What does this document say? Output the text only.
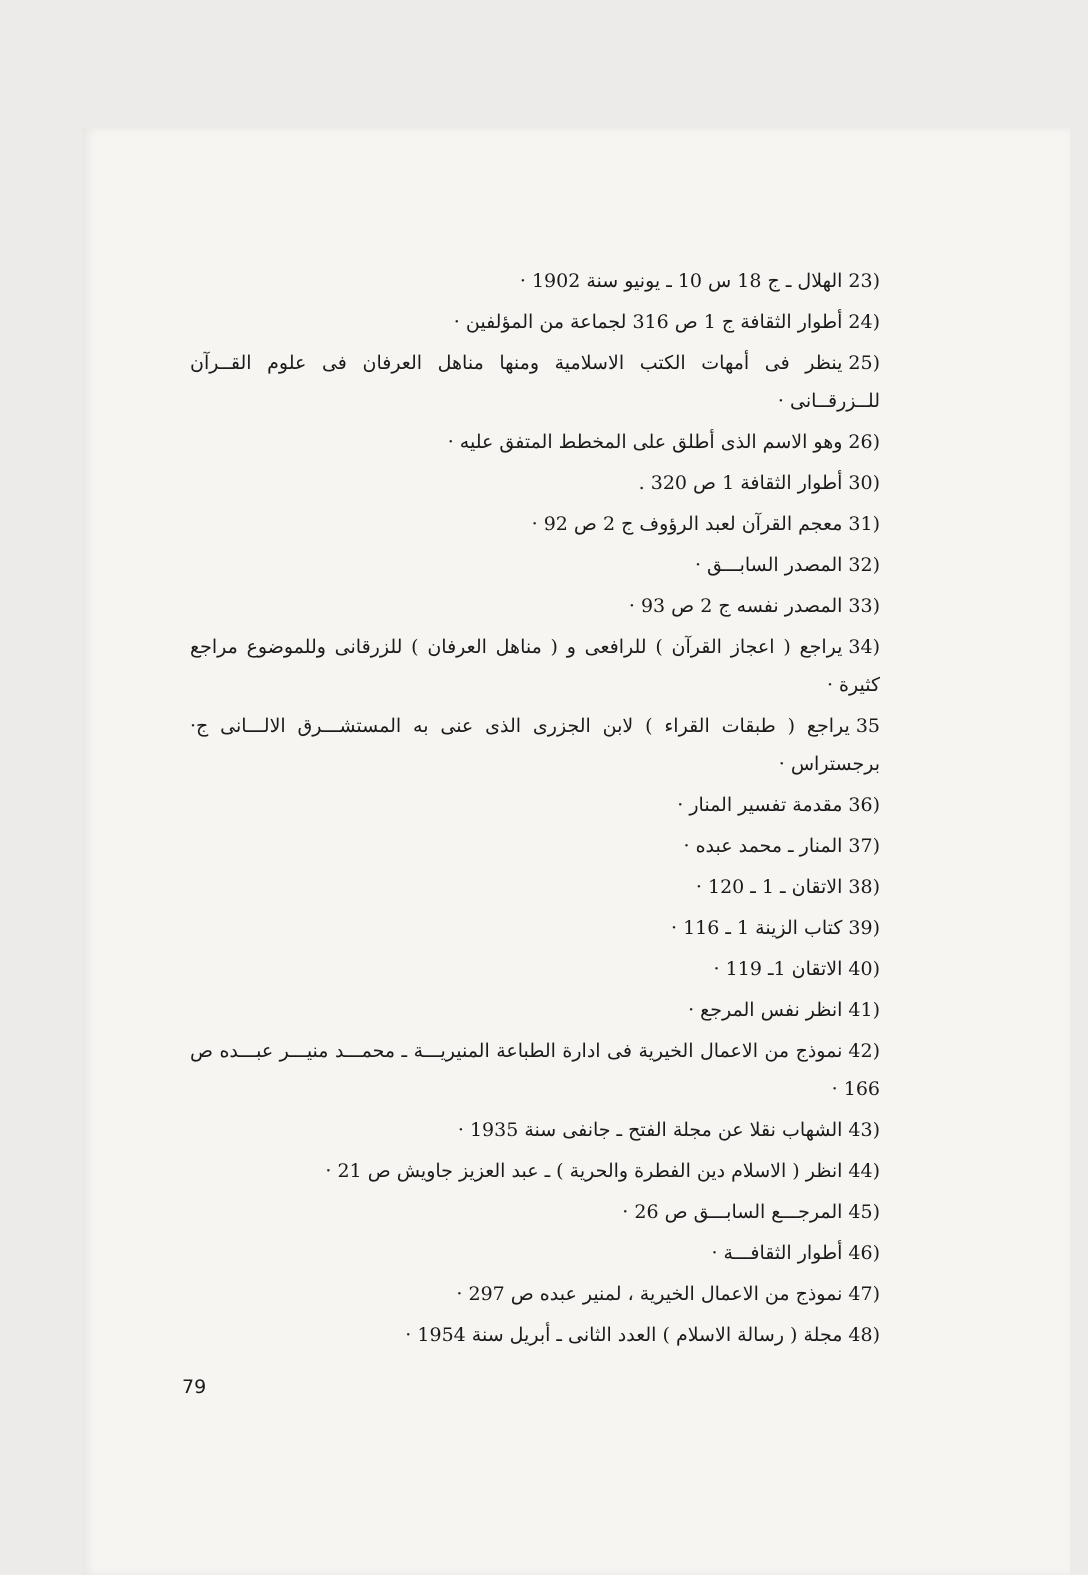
23)الهلال ـ ج 18 س 10 ـ يونيو سنة 1902 ·
24)أطوار الثقافة ج 1 ص 316 لجماعة من المؤلفين ·
25)ينظر فى أمهات الكتب الاسلامية ومنها مناهل العرفان فى علوم القــرآن للــزرقــانى ·
26)وهو الاسم الذى أطلق على المخطط المتفق عليه ·
30)أطوار الثقافة 1 ص 320 .
31)معجم القرآن لعبد الرؤوف ج 2 ص 92 ·
32)المصدر السابـــق ·
33)المصدر نفسه ج 2 ص 93 ·
34)يراجع ( اعجاز القرآن ) للرافعى و ( مناهل العرفان ) للزرقانى وللموضوع مراجع كثيرة ·
35يراجع ( طبقات القراء ) لابن الجزرى الذى عنى به المستشـــرق الالـــانى ج· برجستراس ·
36)مقدمة تفسير المنار ·
37)المنار ـ محمد عبده ·
38)الاتقان ـ 1 ـ 120 ·
39)كتاب الزينة 1 ـ 116 ·
40)الاتقان 1ـ 119 ·
41)انظر نفس المرجع ·
42)نموذج من الاعمال الخيرية فى ادارة الطباعة المنيريـــة ـ محمـــد منيـــر عبـــده ص 166 ·
43)الشهاب نقلا عن مجلة الفتح ـ جانفى سنة 1935 ·
44)انظر ( الاسلام دين الفطرة والحرية ) ـ عبد العزيز جاويش ص 21 ·
45)المرجـــع السابـــق ص 26 ·
46)أطوار الثقافـــة ·
47)نموذج من الاعمال الخيرية ، لمنير عبده ص 297 ·
48)مجلة ( رسالة الاسلام ) العدد الثانى ـ أبريل سنة 1954 ·
79
